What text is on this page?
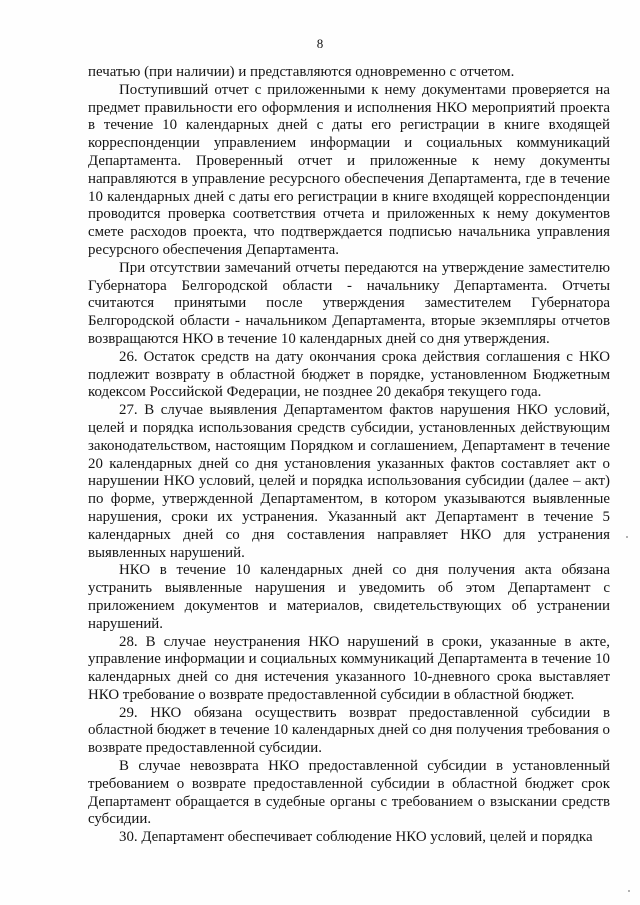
8

печатью (при наличии) и представляются одновременно с отчетом.

Поступивший отчет с приложенными к нему документами проверяется на предмет правильности его оформления и исполнения НКО мероприятий проекта в течение 10 календарных дней с даты его регистрации в книге входящей корреспонденции управлением информации и социальных коммуникаций Департамента. Проверенный отчет и приложенные к нему документы направляются в управление ресурсного обеспечения Департамента, где в течение 10 календарных дней с даты его регистрации в книге входящей корреспонденции проводится проверка соответствия отчета и приложенных к нему документов смете расходов проекта, что подтверждается подписью начальника управления ресурсного обеспечения Департамента.

При отсутствии замечаний отчеты передаются на утверждение заместителю Губернатора Белгородской области - начальнику Департамента. Отчеты считаются принятыми после утверждения заместителем Губернатора Белгородской области - начальником Департамента, вторые экземпляры отчетов возвращаются НКО в течение 10 календарных дней со дня утверждения.

26. Остаток средств на дату окончания срока действия соглашения с НКО подлежит возврату в областной бюджет в порядке, установленном Бюджетным кодексом Российской Федерации, не позднее 20 декабря текущего года.

27. В случае выявления Департаментом фактов нарушения НКО условий, целей и порядка использования средств субсидии, установленных действующим законодательством, настоящим Порядком и соглашением, Департамент в течение 20 календарных дней со дня установления указанных фактов составляет акт о нарушении НКО условий, целей и порядка использования субсидии (далее – акт) по форме, утвержденной Департаментом, в котором указываются выявленные нарушения, сроки их устранения. Указанный акт Департамент в течение 5 календарных дней со дня составления направляет НКО для устранения выявленных нарушений.

НКО в течение 10 календарных дней со дня получения акта обязана устранить выявленные нарушения и уведомить об этом Департамент с приложением документов и материалов, свидетельствующих об устранении нарушений.

28. В случае неустранения НКО нарушений в сроки, указанные в акте, управление информации и социальных коммуникаций Департамента в течение 10 календарных дней со дня истечения указанного 10-дневного срока выставляет НКО требование о возврате предоставленной субсидии в областной бюджет.

29. НКО обязана осуществить возврат предоставленной субсидии в областной бюджет в течение 10 календарных дней со дня получения требования о возврате предоставленной субсидии.

В случае невозврата НКО предоставленной субсидии в установленный требованием о возврате предоставленной субсидии в областной бюджет срок Департамент обращается в судебные органы с требованием о взыскании средств субсидии.

30. Департамент обеспечивает соблюдение НКО условий, целей и порядка
